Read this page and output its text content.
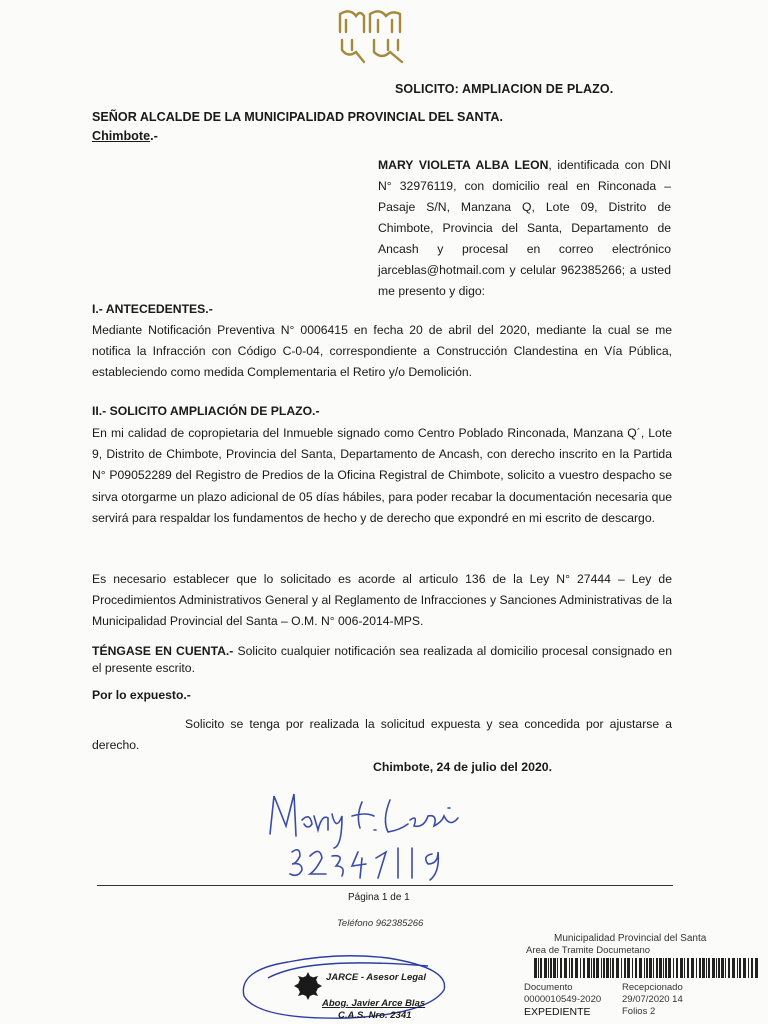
SOLICITO: AMPLIACION DE PLAZO.
SEÑOR ALCALDE DE LA MUNICIPALIDAD PROVINCIAL DEL SANTA.
Chimbote.-
MARY VIOLETA ALBA LEON, identificada con DNI N° 32976119, con domicilio real en Rinconada – Pasaje S/N, Manzana Q, Lote 09, Distrito de Chimbote, Provincia del Santa, Departamento de Ancash y procesal en correo electrónico jarceblas@hotmail.com y celular 962385266; a usted me presento y digo:
I.- ANTECEDENTES.-
Mediante Notificación Preventiva N° 0006415 en fecha 20 de abril del 2020, mediante la cual se me notifica la Infracción con Código C-0-04, correspondiente a Construcción Clandestina en Vía Pública, estableciendo como medida Complementaria el Retiro y/o Demolición.
II.- SOLICITO AMPLIACIÓN DE PLAZO.-
En mi calidad de copropietaria del Inmueble signado como Centro Poblado Rinconada, Manzana Q´, Lote 9, Distrito de Chimbote, Provincia del Santa, Departamento de Ancash, con derecho inscrito en la Partida N° P09052289 del Registro de Predios de la Oficina Registral de Chimbote, solicito a vuestro despacho se sirva otorgarme un plazo adicional de 05 días hábiles, para poder recabar la documentación necesaria que servirá para respaldar los fundamentos de hecho y de derecho que expondré en mi escrito de descargo.
Es necesario establecer que lo solicitado es acorde al articulo 136 de la Ley N° 27444 – Ley de Procedimientos Administrativos General y al Reglamento de Infracciones y Sanciones Administrativas de la Municipalidad Provincial del Santa – O.M. N° 006-2014-MPS.
TÉNGASE EN CUENTA.- Solicito cualquier notificación sea realizada al domicilio procesal consignado en el presente escrito.
Por lo expuesto.-
Solicito se tenga por realizada la solicitud expuesta y sea concedida por ajustarse a derecho.
Chimbote, 24 de julio del 2020.
Página 1 de 1
Teléfono 962385266
JARCE - Asesor Legal
Abog. Javier Arce Blas
C.A.S. Nro. 2341
Municipalidad Provincial del Santa
Area de Tramite Documetano
Documento
0000010549-2020
EXPEDIENTE
Recepcionado
29/07/2020 14
Folios 2
